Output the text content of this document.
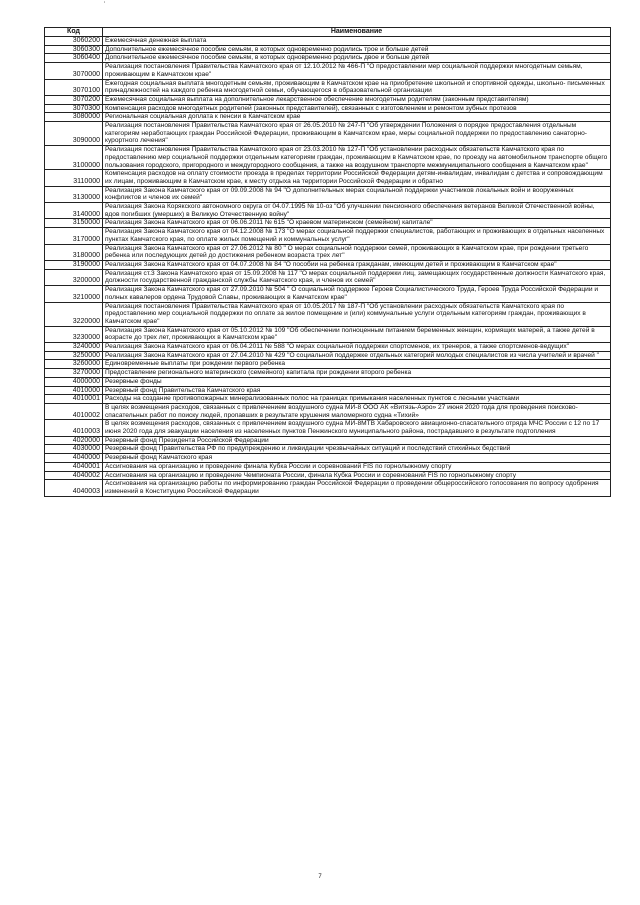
’
Код	Наименование
3060200	Ежемесячная денежная выплата
3060300	Дополнительное ежемесячное пособие семьям, в которых одновременно родились трое и больше детей
3060400	Дополнительное ежемесячное пособие семьям, в которых одновременно родились двое и больше детей
3070000	Реализация постановления Правительства Камчатского края от 12.10.2012 № 466-П "О предоставлении мер социальной поддержки многодетным семьям, проживающим в Камчатском крае"
3070100	Ежегодная социальная выплата многодетным семьям, проживающим в Камчатском крае на приобретение школьной и спортивной одежды, школьно- письменных принадлежностей на каждого ребенка многодетной семьи, обучающегося в образовательной организации
3070200	Ежемесячная социальная выплата на дополнительное лекарственное обеспечение многодетным родителям (законным представителям)
3070300	Компенсация расходов многодетных родителей (законных представителей), связанных с изготовлением и ремонтом зубных протезов
3080000	Региональная социальная доплата к пенсии в Камчатском крае
3090000	Реализация постановления Правительства Камчатского края от 26.05.2010 № 247-П "Об утверждении Положения о порядке предоставления отдельным категориям неработающих граждан Российской Федерации, проживающим в Камчатском крае, меры социальной поддержки по предоставлению санаторно-курортного лечения"
3100000	Реализация постановления Правительства Камчатского края от 23.03.2010 № 127-П "Об установлении расходных обязательств Камчатского края по предоставлению мер социальной поддержки отдельным категориям граждан, проживающим в Камчатском крае, по проезду на автомобильном транспорте общего пользования городского, пригородного и междугородного сообщения, а также на воздушном транспорте межмуниципального сообщения в Камчатском крае"
3110000	Компенсация расходов на оплату стоимости проезда в пределах территории Российской Федерации детям-инвалидам, инвалидам с детства и сопровождающим их лицам, проживающим в Камчатском крае, к месту отдыха на территории Российской Федерации и обратно
3130000	Реализация Закона Камчатского края от 09.09.2008 № 94 "О дополнительных мерах социальной поддержки участников локальных войн и вооруженных конфликтов и членов их семей"
3140000	Реализация Закона Корякского автономного округа от 04.07.1995 № 10-оз "Об улучшении пенсионного обеспечения ветеранов Великой Отечественной войны, вдов погибших (умерших) в Великую Отечественную войну"
3150000	Реализация Закона Камчатского края от 06.06.2011 № 615 "О краевом материнском (семейном) капитале"
3170000	Реализация Закона Камчатского края от 04.12.2008 № 173 "О мерах социальной поддержки специалистов, работающих и проживающих в отдельных населенных пунктах Камчатского края, по оплате жилых помещений и коммунальных услуг"
3180000	Реализация Закона Камчатского края от 27.06.2012 № 80 " О мерах социальной поддержки семей, проживающих в Камчатском крае, при рождении третьего ребенка или последующих детей до достижения ребенком возраста трех лет"
3190000	Реализация Закона Камчатского края от 04.07.2008 № 84 "О пособии на ребенка гражданам, имеющим детей и проживающим в Камчатском крае"
3200000	Реализация ст.3 Закона Камчатского края от 15.09.2008 № 117 "О мерах социальной поддержки лиц, замещающих государственные должности Камчатского края, должности государственной гражданской службы Камчатского края, и членов их семей"
3210000	Реализация Закона Камчатского края от 27.09.2010 № 504 " О социальной поддержке Героев Социалистического Труда, Героев Труда Российской Федерации и полных кавалеров ордена Трудовой Славы, проживающих в Камчатском крае"
3220000	Реализация постановления Правительства Камчатского края от 10.05.2017 № 187-П "Об установлении расходных обязательств Камчатского края по предоставлению мер социальной поддержки по оплате за жилое помещение и (или) коммунальные услуги отдельным категориям граждан, проживающих в Камчатском крае"
3230000	Реализация Закона Камчатского края от 05.10.2012 № 109 "Об обеспечении полноценным питанием беременных женщин, кормящих матерей, а также детей в возрасте до трех лет, проживающих в Камчатском крае"
3240000	Реализация Закона Камчатского края от 06.04.2011 № 588 "О мерах социальной поддержки спортсменов, их тренеров, а также спортсменов-ведущих"
3250000	Реализация Закона Камчатского края от 27.04.2010 № 429 "О социальной поддержке отдельных категорий молодых специалистов из числа учителей и врачей "
3260000	Единовременные выплаты при рождении первого ребенка
3270000	Предоставление регионального материнского (семейного) капитала при рождении второго ребенка
4000000	Резервные фонды
4010000	Резервный фонд Правительства Камчатского края
4010001	Расходы на создание противопожарных минерализованных полос на границах примыкания населенных пунктов с лесными участками
4010002	В целях возмещения расходов, связанных с привлечением воздушного судна МИ-8 ООО АК «Витязь-Аэро» 27 июня 2020 года для проведения поисково-спасательных работ по поиску людей, пропавших в результате крушения маломерного судна «Тихий»
4010003	В целях возмещения расходов, связанных с привлечением воздушного судна МИ-8МТВ Хабаровского авиационно-спасательного отряда МЧС России с 12 по 17 июня 2020 года для эвакуации населения из населенных пунктов Пенжинского муниципального района, пострадавшего в результате подтопления
4020000	Резервный фонд Президента Российской Федерации
4030000	Резервный фонд Правительства РФ по предупреждению и ликвидации чрезвычайных ситуаций и последствий стихийных бедствий
4040000	Резервный фонд Камчатского края
4040001	Ассигнования на организацию и проведение финала Кубка России и соревнований FIS по горнолыжному спорту
4040002	Ассигнования на организацию и проведение Чемпионата России, финала Кубка России и соревнований FIS по горнолыжному спорту
4040003	Ассигнования на организацию работы по информированию граждан Российской Федерации о проведении общероссийского голосования по вопросу одобрения изменений в Конституцию Российской Федерации
7
